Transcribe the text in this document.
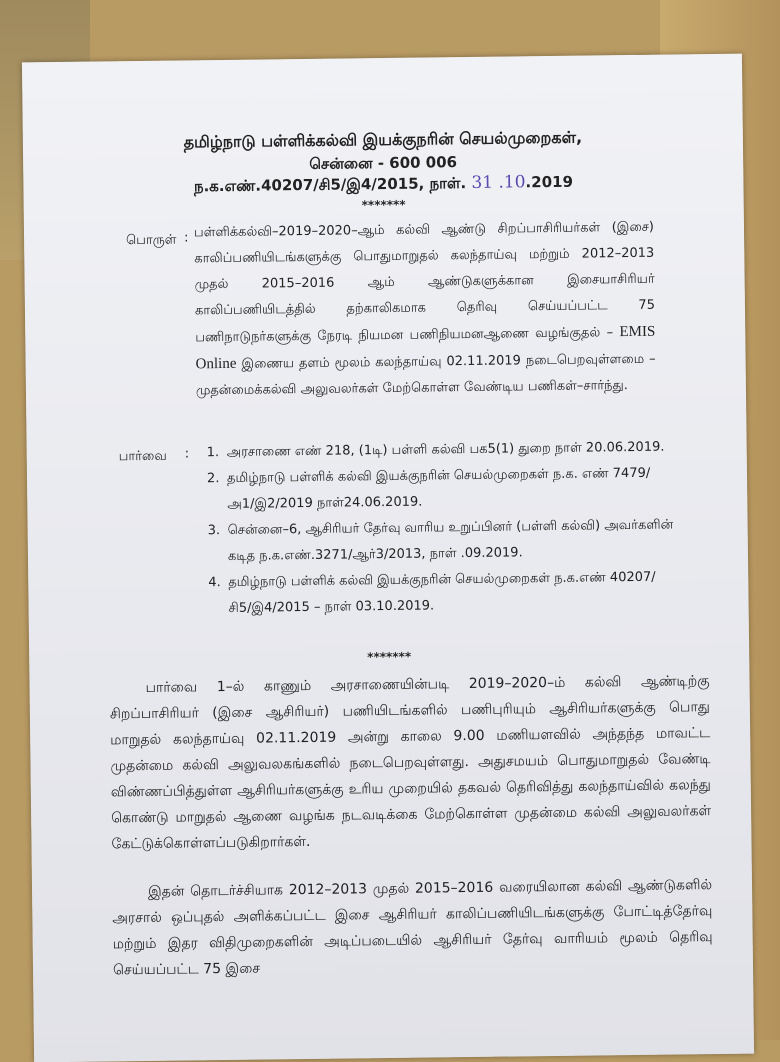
தமிழ்நாடு பள்ளிக்கல்வி இயக்குநரின் செயல்முறைகள்,
சென்னை - 600 006
ந.க.எண்.40207/சி5/இ4/2015, நாள். 31 .10.2019
*******
பொருள் : பள்ளிக்கல்வி–2019–2020–ஆம் கல்வி ஆண்டு சிறப்பாசிரியர்கள் (இசை) காலிப்பணியிடங்களுக்கு பொதுமாறுதல் கலந்தாய்வு மற்றும் 2012–2013 முதல் 2015–2016 ஆம் ஆண்டுகளுக்கான இசையாசிரியர் காலிப்பணியிடத்தில் தற்காலிகமாக தெரிவு செய்யப்பட்ட 75 பணிநாடுநர்களுக்கு நேரடி நியமன பணிநியமனஆணை வழங்குதல் – EMIS Online இணைய தளம் மூலம் கலந்தாய்வு 02.11.2019 நடைபெறவுள்ளமை – முதன்மைக்கல்வி அலுவலர்கள் மேற்கொள்ள வேண்டிய பணிகள்–சார்ந்து.
பார்வை : 1. அரசாணை எண் 218, (1டி) பள்ளி கல்வி பக5(1) துறை நாள் 20.06.2019.
2. தமிழ்நாடு பள்ளிக் கல்வி இயக்குநரின் செயல்முறைகள் ந.க. எண் 7479/அ1/இ2/2019 நாள்24.06.2019.
3. சென்னை–6, ஆசிரியர் தேர்வு வாரிய உறுப்பினர் (பள்ளி கல்வி) அவர்களின் கடித ந.க.எண்.3271/ஆர்3/2013, நாள் .09.2019.
4. தமிழ்நாடு பள்ளிக் கல்வி இயக்குநரின் செயல்முறைகள் ந.க.எண் 40207/சி5/இ4/2015 – நாள் 03.10.2019.
*******
பார்வை 1–ல் காணும் அரசாணையின்படி 2019–2020–ம் கல்வி ஆண்டிற்கு சிறப்பாசிரியர் (இசை ஆசிரியர்) பணியிடங்களில் பணிபுரியும் ஆசிரியர்களுக்கு பொது மாறுதல் கலந்தாய்வு 02.11.2019 அன்று காலை 9.00 மணியளவில் அந்தந்த மாவட்ட முதன்மை கல்வி அலுவலகங்களில் நடைபெறவுள்ளது. அதுசமயம் பொதுமாறுதல் வேண்டி விண்ணப்பித்துள்ள ஆசிரியர்களுக்கு உரிய முறையில் தகவல் தெரிவித்து கலந்தாய்வில் கலந்து கொண்டு மாறுதல் ஆணை வழங்க நடவடிக்கை மேற்கொள்ள முதன்மை கல்வி அலுவலர்கள் கேட்டுக்கொள்ளப்படுகிறார்கள்.
இதன் தொடர்ச்சியாக 2012–2013 முதல் 2015–2016 வரையிலான கல்வி ஆண்டுகளில் அரசால் ஒப்புதல் அளிக்கப்பட்ட இசை ஆசிரியர் காலிப்பணியிடங்களுக்கு போட்டித்தேர்வு மற்றும் இதர விதிமுறைகளின் அடிப்படையில் ஆசிரியர் தேர்வு வாரியம் மூலம் தெரிவு செய்யப்பட்ட 75 இசை
